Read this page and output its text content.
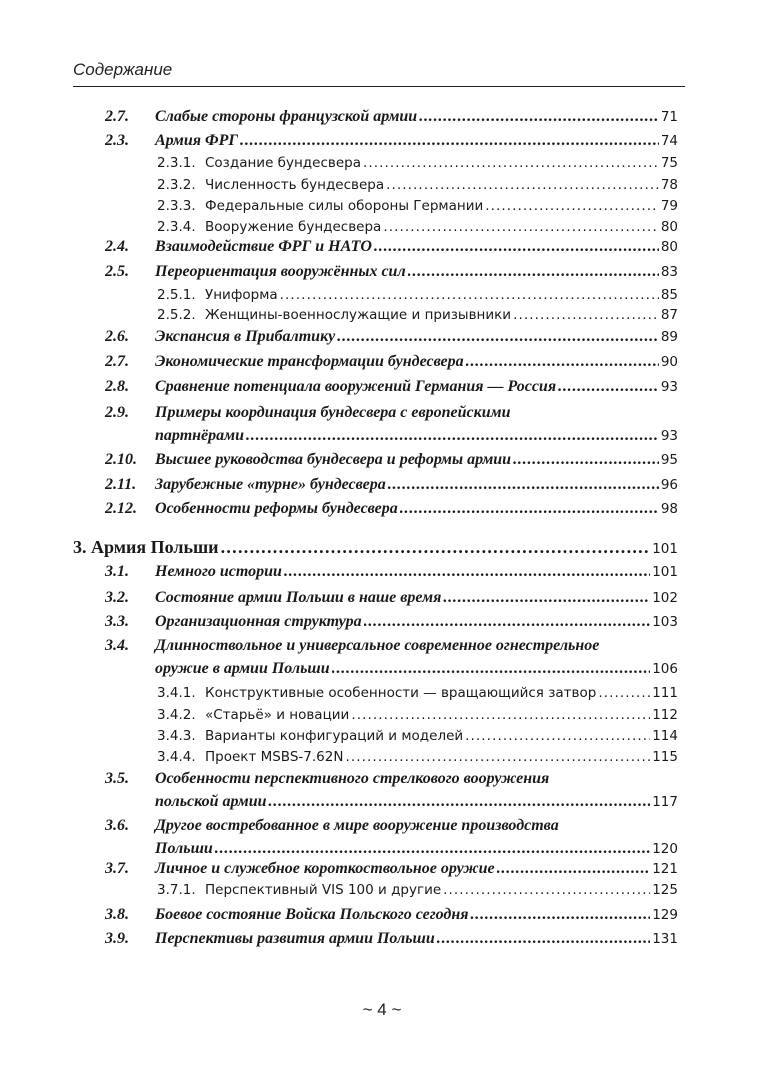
Содержание
2.7.	Слабые стороны французской армии . . .	71
2.3.	Армия ФРГ . . .	74
2.3.1. Создание бундесвера . . .	75
2.3.2. Численность бундесвера . . .	78
2.3.3. Федеральные силы обороны Германии . . .	79
2.3.4. Вооружение бундесвера . . .	80
2.4.	Взаимодействие ФРГ и НАТО . . .	80
2.5.	Переориентация вооружённых сил . . .	83
2.5.1. Униформа . . .	85
2.5.2. Женщины-военнослужащие и призывники . . .	87
2.6.	Экспансия в Прибалтику . . .	89
2.7.	Экономические трансформации бундесвера . . .	90
2.8.	Сравнение потенциала вооружений Германия — Россия . . .	93
2.9. Примеры координация бундесвера с европейскими
партнёрами . . .	93
2.10.	Высшее руководства бундесвера и реформы армии . . .	95
2.11.	Зарубежные «турне» бундесвера . . .	96
2.12.	Особенности реформы бундесвера . . .	98
3. Армия Польши . . .	101
3.1.	Немного истории . . .	101
3.2.	Состояние армии Польши в наше время . . .	102
3.3.	Организационная структура . . .	103
3.4. Длинноствольное и универсальное современное огнестрельное
оружие в армии Польши . . .	106
3.4.1. Конструктивные особенности — вращающийся затвор . . .	111
3.4.2. «Старьё» и новации . . .	112
3.4.3. Варианты конфигураций и моделей . . .	114
3.4.4. Проект MSBS-7.62N . . .	115
3.5. Особенности перспективного стрелкового вооружения
польской армии . . .	117
3.6. Другое востребованное в мире вооружение производства
Польши . . .	120
3.7.	Личное и служебное короткоствольное оружие . . .	121
3.7.1. Перспективный VIS 100 и другие . . .	125
3.8.	Боевое состояние Войска Польского сегодня . . .	129
3.9.	Перспективы развития армии Польши . . .	131
~ 4 ~
